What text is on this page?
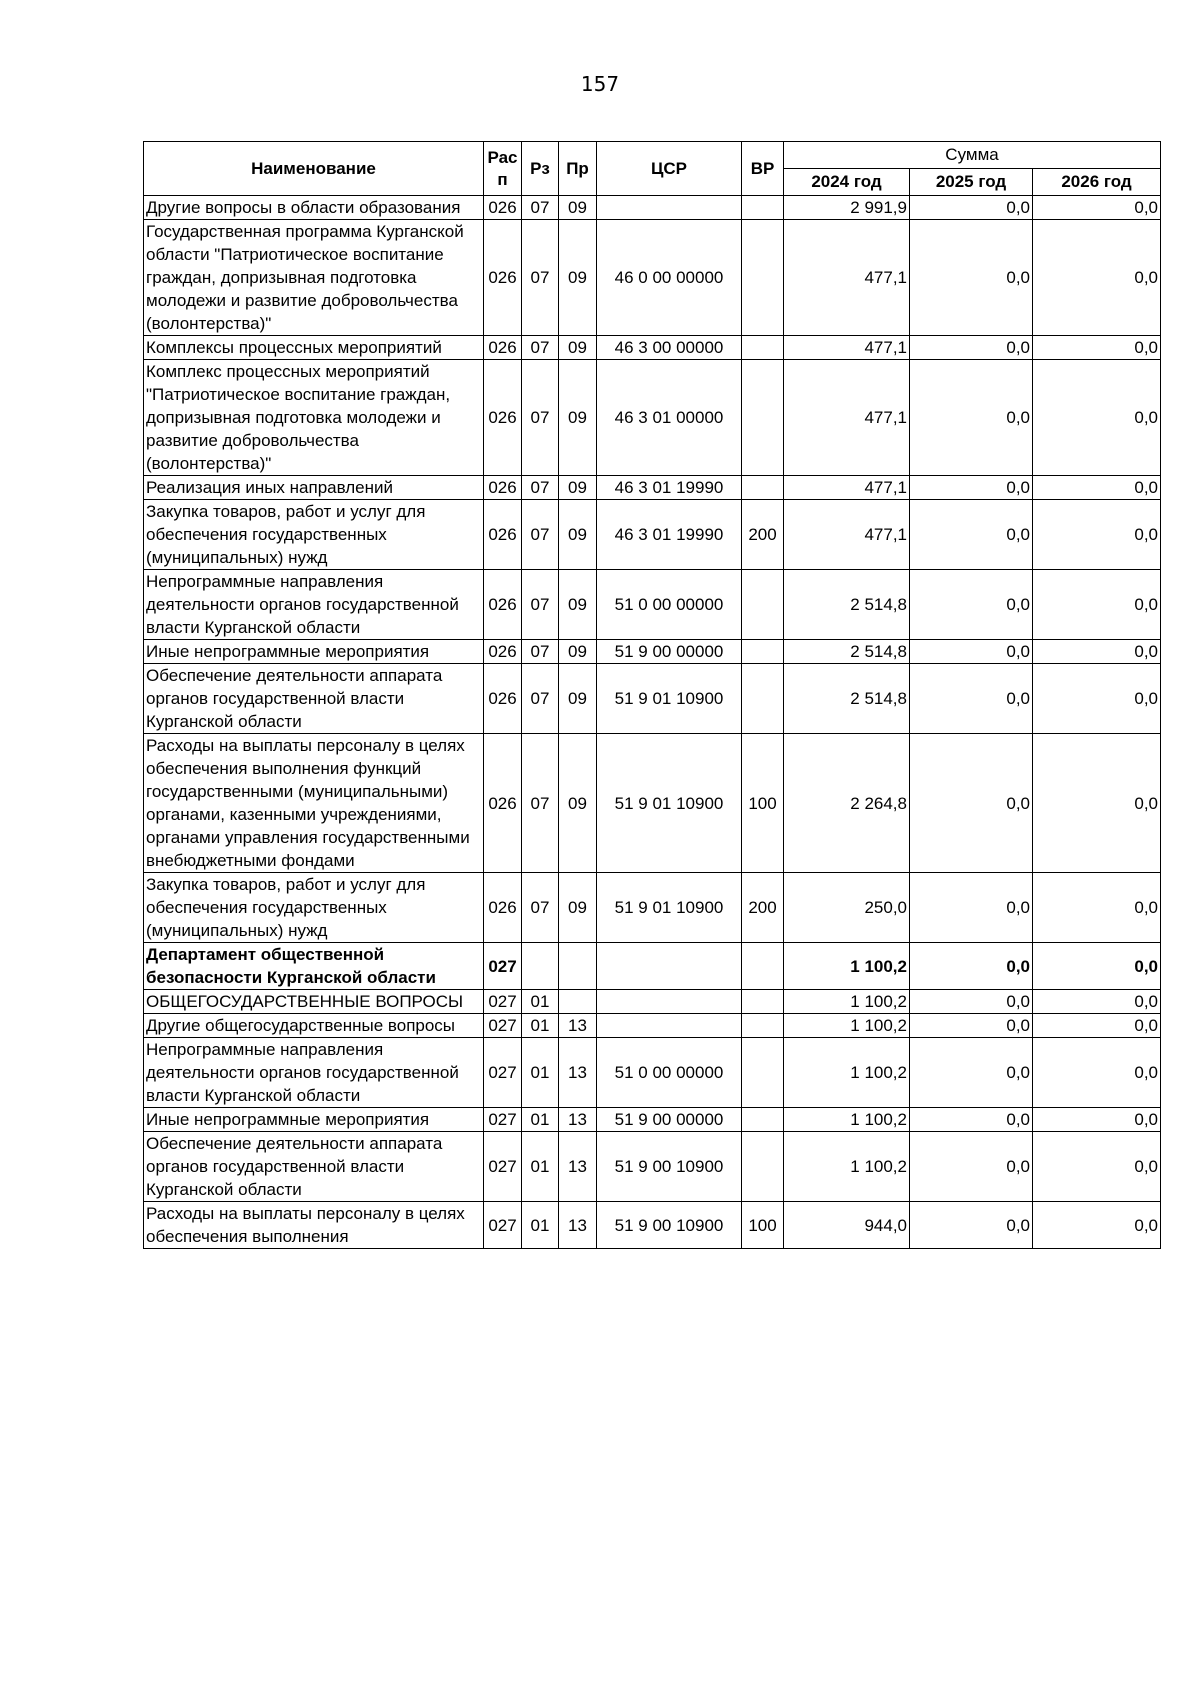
157
Наименование	Рас п	Рз	Пр	ЦСР	ВР	Сумма		
						2024 год	2025 год	2026 год
Другие вопросы в области образования	026	07	09			2 991,9	0,0	0,0
Государственная программа Курганской области "Патриотическое воспитание граждан, допризывная подготовка молодежи и развитие добровольчества (волонтерства)"	026	07	09	46 0 00 00000		477,1	0,0	0,0
Комплексы процессных мероприятий	026	07	09	46 3 00 00000		477,1	0,0	0,0
Комплекс процессных мероприятий "Патриотическое воспитание граждан, допризывная подготовка молодежи и развитие добровольчества (волонтерства)"	026	07	09	46 3 01 00000		477,1	0,0	0,0
Реализация иных направлений	026	07	09	46 3 01 19990		477,1	0,0	0,0
Закупка товаров, работ и услуг для обеспечения государственных (муниципальных) нужд	026	07	09	46 3 01 19990	200	477,1	0,0	0,0
Непрограммные направления деятельности органов государственной власти Курганской области	026	07	09	51 0 00 00000		2 514,8	0,0	0,0
Иные непрограммные мероприятия	026	07	09	51 9 00 00000		2 514,8	0,0	0,0
Обеспечение деятельности аппарата органов государственной власти Курганской области	026	07	09	51 9 01 10900		2 514,8	0,0	0,0
Расходы на выплаты персоналу в целях обеспечения выполнения функций государственными (муниципальными) органами, казенными учреждениями, органами управления государственными внебюджетными фондами	026	07	09	51 9 01 10900	100	2 264,8	0,0	0,0
Закупка товаров, работ и услуг для обеспечения государственных (муниципальных) нужд	026	07	09	51 9 01 10900	200	250,0	0,0	0,0
Департамент общественной безопасности Курганской области	027					1 100,2	0,0	0,0
ОБЩЕГОСУДАРСТВЕННЫЕ ВОПРОСЫ	027	01				1 100,2	0,0	0,0
Другие общегосударственные вопросы	027	01	13			1 100,2	0,0	0,0
Непрограммные направления деятельности органов государственной власти Курганской области	027	01	13	51 0 00 00000		1 100,2	0,0	0,0
Иные непрограммные мероприятия	027	01	13	51 9 00 00000		1 100,2	0,0	0,0
Обеспечение деятельности аппарата органов государственной власти Курганской области	027	01	13	51 9 00 10900		1 100,2	0,0	0,0
Расходы на выплаты персоналу в целях обеспечения выполнения	027	01	13	51 9 00 10900	100	944,0	0,0	0,0
